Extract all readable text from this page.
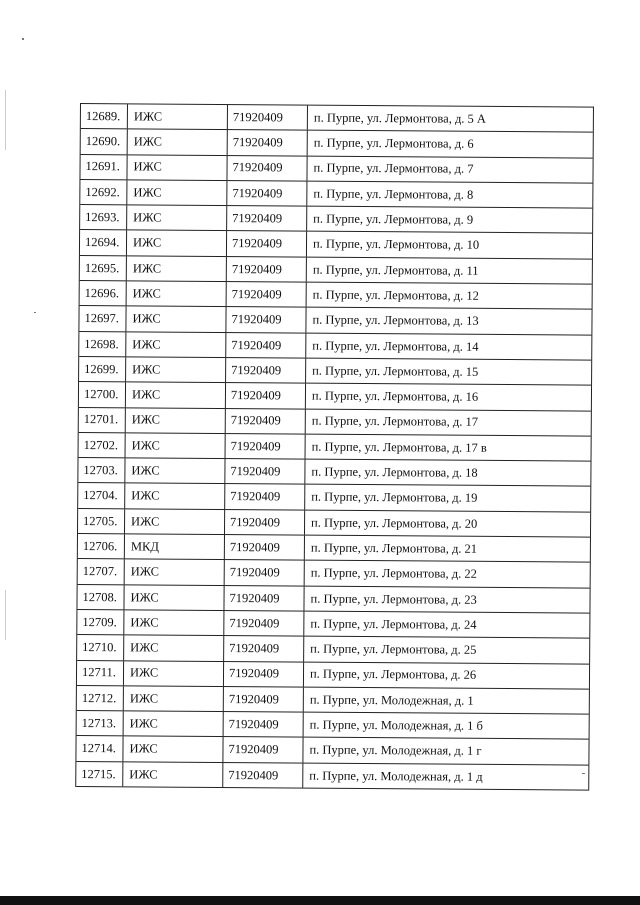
12689.	ИЖС	71920409	п. Пурпе, ул. Лермонтова, д. 5 А
12690.	ИЖС	71920409	п. Пурпе, ул. Лермонтова, д. 6
12691.	ИЖС	71920409	п. Пурпе, ул. Лермонтова, д. 7
12692.	ИЖС	71920409	п. Пурпе, ул. Лермонтова, д. 8
12693.	ИЖС	71920409	п. Пурпе, ул. Лермонтова, д. 9
12694.	ИЖС	71920409	п. Пурпе, ул. Лермонтова, д. 10
12695.	ИЖС	71920409	п. Пурпе, ул. Лермонтова, д. 11
12696.	ИЖС	71920409	п. Пурпе, ул. Лермонтова, д. 12
12697.	ИЖС	71920409	п. Пурпе, ул. Лермонтова, д. 13
12698.	ИЖС	71920409	п. Пурпе, ул. Лермонтова, д. 14
12699.	ИЖС	71920409	п. Пурпе, ул. Лермонтова, д. 15
12700.	ИЖС	71920409	п. Пурпе, ул. Лермонтова, д. 16
12701.	ИЖС	71920409	п. Пурпе, ул. Лермонтова, д. 17
12702.	ИЖС	71920409	п. Пурпе, ул. Лермонтова, д. 17 в
12703.	ИЖС	71920409	п. Пурпе, ул. Лермонтова, д. 18
12704.	ИЖС	71920409	п. Пурпе, ул. Лермонтова, д. 19
12705.	ИЖС	71920409	п. Пурпе, ул. Лермонтова, д. 20
12706.	МКД	71920409	п. Пурпе, ул. Лермонтова, д. 21
12707.	ИЖС	71920409	п. Пурпе, ул. Лермонтова, д. 22
12708.	ИЖС	71920409	п. Пурпе, ул. Лермонтова, д. 23
12709.	ИЖС	71920409	п. Пурпе, ул. Лермонтова, д. 24
12710.	ИЖС	71920409	п. Пурпе, ул. Лермонтова, д. 25
12711.	ИЖС	71920409	п. Пурпе, ул. Лермонтова, д. 26
12712.	ИЖС	71920409	п. Пурпе, ул. Молодежная, д. 1
12713.	ИЖС	71920409	п. Пурпе, ул. Молодежная, д. 1 б
12714.	ИЖС	71920409	п. Пурпе, ул. Молодежная, д. 1 г
12715.	ИЖС	71920409	п. Пурпе, ул. Молодежная, д. 1 д
